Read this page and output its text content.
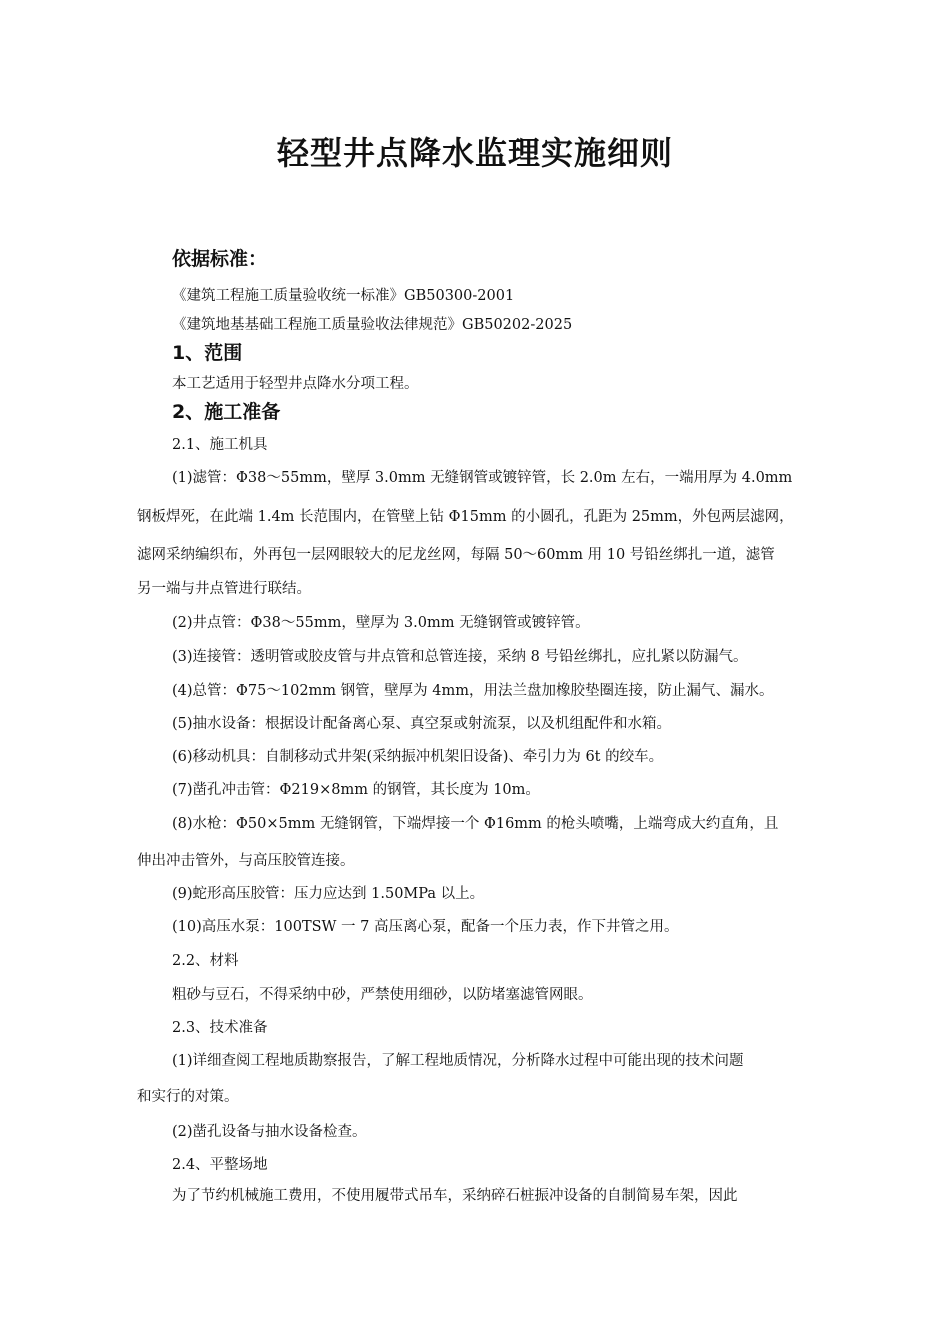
轻型井点降水监理实施细则
依据标准：
《建筑工程施工质量验收统一标准》GB50300-2001
《建筑地基基础工程施工质量验收法律规范》GB50202-2025
1、范围
本工艺适用于轻型井点降水分项工程。
2、施工准备
2.1、施工机具
(1)滤管：Φ38～55mm，壁厚 3.0mm 无缝钢管或镀锌管，长 2.0m 左右，一端用厚为 4.0mm
钢板焊死，在此端 1.4m 长范围内，在管壁上钻 Φ15mm 的小圆孔，孔距为 25mm，外包两层滤网，
滤网采纳编织布，外再包一层网眼较大的尼龙丝网，每隔 50～60mm 用 10 号铅丝绑扎一道，滤管
另一端与井点管进行联结。
(2)井点管：Φ38～55mm，壁厚为 3.0mm 无缝钢管或镀锌管。
(3)连接管：透明管或胶皮管与井点管和总管连接，采纳 8 号铅丝绑扎，应扎紧以防漏气。
(4)总管：Φ75～102mm 钢管，壁厚为 4mm，用法兰盘加橡胶垫圈连接，防止漏气、漏水。
(5)抽水设备：根据设计配备离心泵、真空泵或射流泵，以及机组配件和水箱。
(6)移动机具：自制移动式井架(采纳振冲机架旧设备)、牵引力为 6t 的绞车。
(7)凿孔冲击管：Φ219×8mm 的钢管，其长度为 10m。
(8)水枪：Φ50×5mm 无缝钢管，下端焊接一个 Φ16mm 的枪头喷嘴，上端弯成大约直角，且
伸出冲击管外，与高压胶管连接。
(9)蛇形高压胶管：压力应达到 1.50MPa 以上。
(10)高压水泵：100TSW 一 7 高压离心泵，配备一个压力表，作下井管之用。
2.2、材料
粗砂与豆石，不得采纳中砂，严禁使用细砂，以防堵塞滤管网眼。
2.3、技术准备
(1)详细查阅工程地质勘察报告，了解工程地质情况，分析降水过程中可能出现的技术问题
和实行的对策。
(2)凿孔设备与抽水设备检查。
2.4、平整场地
为了节约机械施工费用，不使用履带式吊车，采纳碎石桩振冲设备的自制简易车架，因此
